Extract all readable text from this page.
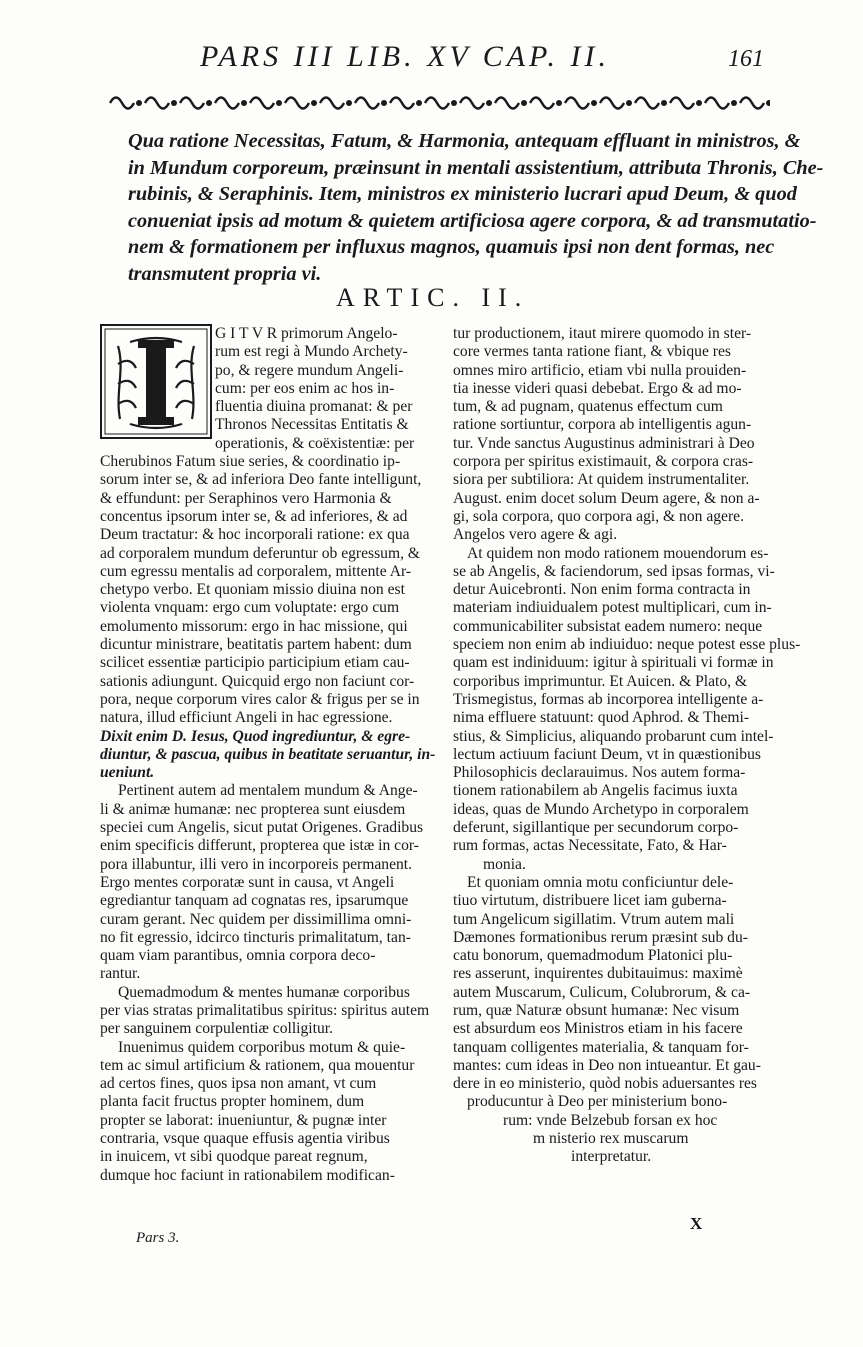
PARS III LIB. XV CAP. II.	161

Qua ratione Necessitas, Fatum, & Harmonia, antequam effluant in ministros, &

in Mundum corporeum, præinsunt in mentali assistentium, attributa Thronis, Che-

rubinis, & Seraphinis. Item, ministros ex ministerio lucrari apud Deum, & quod

conueniat ipsis ad motum & quietem artificiosa agere corpora, & ad transmutatio-

nem & formationem per influxus magnos, quamuis ipsi non dent formas, nec

transmutent propria vi.

ARTIC. II.

G I T V R primorum Angelo-

rum est regi à Mundo Archety-

po, & regere mundum Angeli-

cum: per eos enim ac hos in-

fluentia diuina promanat: & per

Thronos Necessitas Entitatis &

operationis, & coëxistentiæ: per

Cherubinos Fatum siue series, & coordinatio ip-

sorum inter se, & ad inferiora Deo fante intelligunt,

& effundunt: per Seraphinos vero Harmonia &

concentus ipsorum inter se, & ad inferiores, & ad

Deum tractatur: & hoc incorporali ratione: ex qua

ad corporalem mundum deferuntur ob egressum, &

cum egressu mentalis ad corporalem, mittente Ar-

chetypo verbo. Et quoniam missio diuina non est

violenta vnquam: ergo cum voluptate: ergo cum

emolumento missorum: ergo in hac missione, qui

dicuntur ministrare, beatitatis partem habent: dum

scilicet essentiæ participio participium etiam cau-

sationis adiungunt. Quicquid ergo non faciunt cor-

pora, neque corporum vires calor & frigus per se in

natura, illud efficiunt Angeli in hac egressione.

Dixit enim D. Iesus, Quod ingrediuntur, & egre-

diuntur, & pascua, quibus in beatitate seruantur, in-

ueniunt.

Pertinent autem ad mentalem mundum & Ange-

li & animæ humanæ: nec propterea sunt eiusdem

speciei cum Angelis, sicut putat Origenes. Gradibus

enim specificis differunt, propterea que istæ in cor-

pora illabuntur, illi vero in incorporeis permanent.

Ergo mentes corporatæ sunt in causa, vt Angeli

egrediantur tanquam ad cognatas res, ipsarumque

curam gerant. Nec quidem per dissimillima omni-

no fit egressio, idcirco tincturis primalitatum, tan-

quam viam parantibus, omnia corpora deco-

rantur.

Quemadmodum & mentes humanæ corporibus

per vias stratas primalitatibus spiritus: spiritus autem

per sanguinem corpulentiæ colligitur.

Inuenimus quidem corporibus motum & quie-

tem ac simul artificium & rationem, qua mouentur

ad certos fines, quos ipsa non amant, vt cum

planta facit fructus propter hominem, dum

propter se laborat: inueniuntur, & pugnæ inter

contraria, vsque quaque effusis agentia viribus

in inuicem, vt sibi quodque pareat regnum,

dumque hoc faciunt in rationabilem modifican-

tur productionem, itaut mirere quomodo in ster-

core vermes tanta ratione fiant, & vbique res

omnes miro artificio, etiam vbi nulla prouiden-

tia inesse videri quasi debebat. Ergo & ad mo-

tum, & ad pugnam, quatenus effectum cum

ratione sortiuntur, corpora ab intelligentis agun-

tur. Vnde sanctus Augustinus administrari à Deo

corpora per spiritus existimauit, & corpora cras-

siora per subtiliora: At quidem instrumentaliter.

August. enim docet solum Deum agere, & non a-

gi, sola corpora, quo corpora agi, & non agere.

Angelos vero agere & agi.

At quidem non modo rationem mouendorum es-

se ab Angelis, & faciendorum, sed ipsas formas, vi-

detur Auicebronti. Non enim forma contracta in

materiam indiuidualem potest multiplicari, cum in-

communicabiliter subsistat eadem numero: neque

speciem non enim ab indiuiduo: neque potest esse plus-

quam est indiniduum: igitur à spirituali vi formæ in

corporibus imprimuntur. Et Auicen. & Plato, &

Trismegistus, formas ab incorporea intelligente a-

nima effluere statuunt: quod Aphrod. & Themi-

stius, & Simplicius, aliquando probarunt cum intel-

lectum actiuum faciunt Deum, vt in quæstionibus

Philosophicis declarauimus. Nos autem forma-

tionem rationabilem ab Angelis facimus iuxta

ideas, quas de Mundo Archetypo in corporalem

deferunt, sigillantique per secundorum corpo-

rum formas, actas Necessitate, Fato, & Har-

monia.

Et quoniam omnia motu conficiuntur dele-

tiuo virtutum, distribuere licet iam guberna-

tum Angelicum sigillatim. Vtrum autem mali

Dæmones formationibus rerum præsint sub du-

catu bonorum, quemadmodum Platonici plu-

res asserunt, inquirentes dubitauimus: maximè

autem Muscarum, Culicum, Colubrorum, & ca-

rum, quæ Naturæ obsunt humanæ: Nec visum

est absurdum eos Ministros etiam in his facere

tanquam colligentes materialia, & tanquam for-

mantes: cum ideas in Deo non intueantur. Et gau-

dere in eo ministerio, quòd nobis aduersantes res

producuntur à Deo per ministerium bono-

rum: vnde Belzebub forsan ex hoc

m nisterio rex muscarum

interpretatur.

Pars 3.
X
